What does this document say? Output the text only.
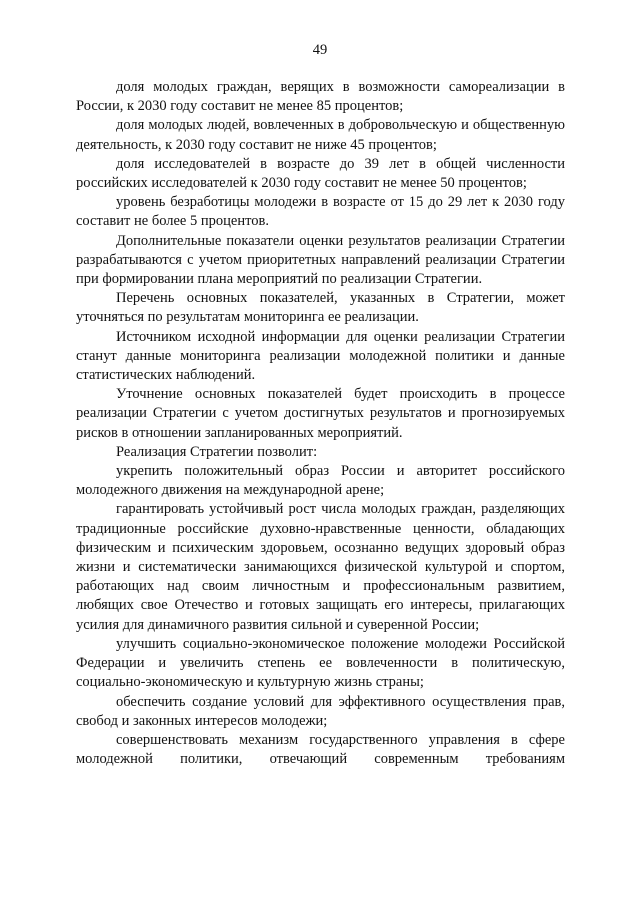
49

доля молодых граждан, верящих в возможности самореализации в России, к 2030 году составит не менее 85 процентов;

доля молодых людей, вовлеченных в добровольческую и общественную деятельность, к 2030 году составит не ниже 45 процентов;

доля исследователей в возрасте до 39 лет в общей численности российских исследователей к 2030 году составит не менее 50 процентов;

уровень безработицы молодежи в возрасте от 15 до 29 лет к 2030 году составит не более 5 процентов.

Дополнительные показатели оценки результатов реализации Стратегии разрабатываются с учетом приоритетных направлений реализации Стратегии при формировании плана мероприятий по реализации Стратегии.

Перечень основных показателей, указанных в Стратегии, может уточняться по результатам мониторинга ее реализации.

Источником исходной информации для оценки реализации Стратегии станут данные мониторинга реализации молодежной политики и данные статистических наблюдений.

Уточнение основных показателей будет происходить в процессе реализации Стратегии с учетом достигнутых результатов и прогнозируемых рисков в отношении запланированных мероприятий.

Реализация Стратегии позволит:

укрепить положительный образ России и авторитет российского молодежного движения на международной арене;

гарантировать устойчивый рост числа молодых граждан, разделяющих традиционные российские духовно-нравственные ценности, обладающих физическим и психическим здоровьем, осознанно ведущих здоровый образ жизни и систематически занимающихся физической культурой и спортом, работающих над своим личностным и профессиональным развитием, любящих свое Отечество и готовых защищать его интересы, прилагающих усилия для динамичного развития сильной и суверенной России;

улучшить социально-экономическое положение молодежи Российской Федерации и увеличить степень ее вовлеченности в политическую, социально-экономическую и культурную жизнь страны;

обеспечить создание условий для эффективного осуществления прав, свобод и законных интересов молодежи;

совершенствовать механизм государственного управления в сфере молодежной политики, отвечающий современным требованиям
